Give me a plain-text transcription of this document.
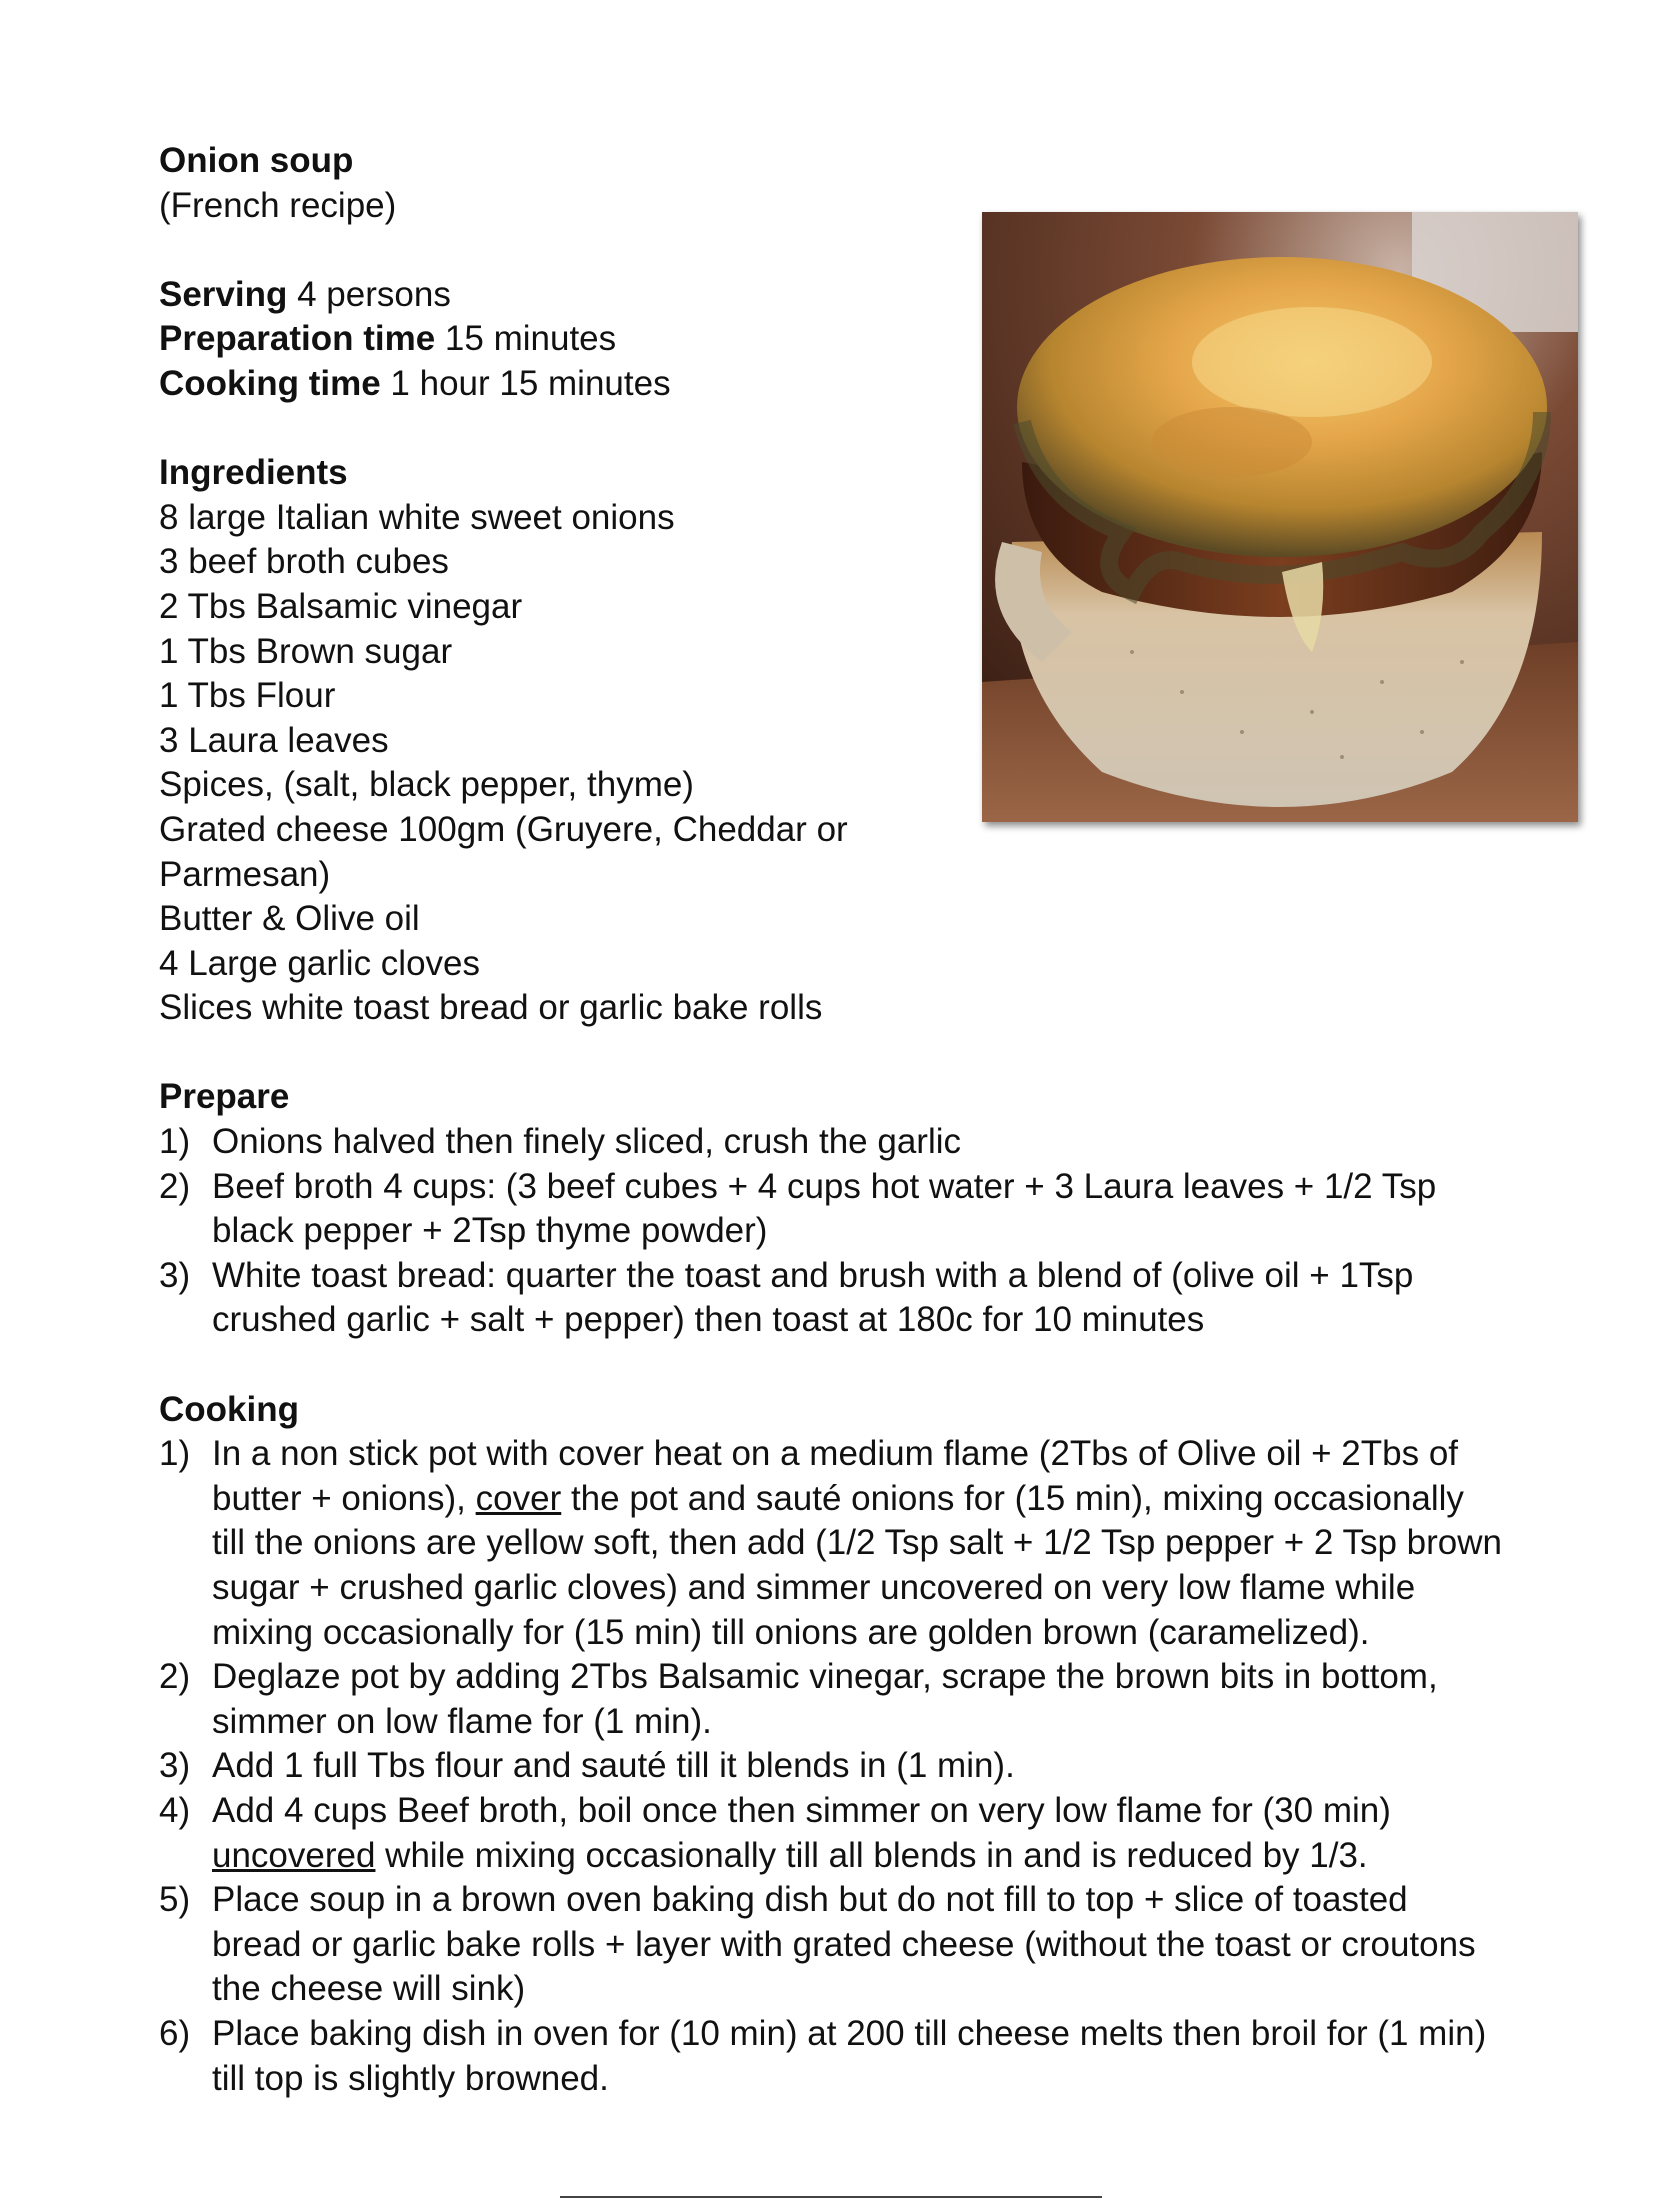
Onion soup
(French recipe)
Serving 4 persons
Preparation time 15 minutes
Cooking time 1 hour 15 minutes
Ingredients
8 large Italian white sweet onions
3 beef broth cubes
2 Tbs Balsamic vinegar
1 Tbs Brown sugar
1 Tbs Flour
3 Laura leaves
Spices, (salt, black pepper, thyme)
Grated cheese 100gm (Gruyere, Cheddar or Parmesan)
Butter & Olive oil
4 Large garlic cloves
Slices white toast bread or garlic bake rolls
Prepare
1) Onions halved then finely sliced, crush the garlic
2) Beef broth 4 cups: (3 beef cubes + 4 cups hot water + 3 Laura leaves + 1/2 Tsp black pepper + 2Tsp thyme powder)
3) White toast bread: quarter the toast and brush with a blend of (olive oil + 1Tsp crushed garlic + salt + pepper) then toast at 180c for 10 minutes
Cooking
1) In a non stick pot with cover heat on a medium flame (2Tbs of Olive oil + 2Tbs of butter + onions), cover the pot and sauté onions for (15 min), mixing occasionally till the onions are yellow soft, then add (1/2 Tsp salt + 1/2 Tsp pepper + 2 Tsp brown sugar + crushed garlic cloves) and simmer uncovered on very low flame while mixing occasionally for (15 min) till onions are golden brown (caramelized).
2) Deglaze pot by adding 2Tbs Balsamic vinegar, scrape the brown bits in bottom, simmer on low flame for (1 min).
3) Add 1 full Tbs flour and sauté till it blends in (1 min).
4) Add 4 cups Beef broth, boil once then simmer on very low flame for (30 min) uncovered while mixing occasionally till all blends in and is reduced by 1/3.
5) Place soup in a brown oven baking dish but do not fill to top + slice of toasted bread or garlic bake rolls + layer with grated cheese (without the toast or croutons the cheese will sink)
6) Place baking dish in oven for (10 min) at 200 till cheese melts then broil for (1 min) till top is slightly browned.
